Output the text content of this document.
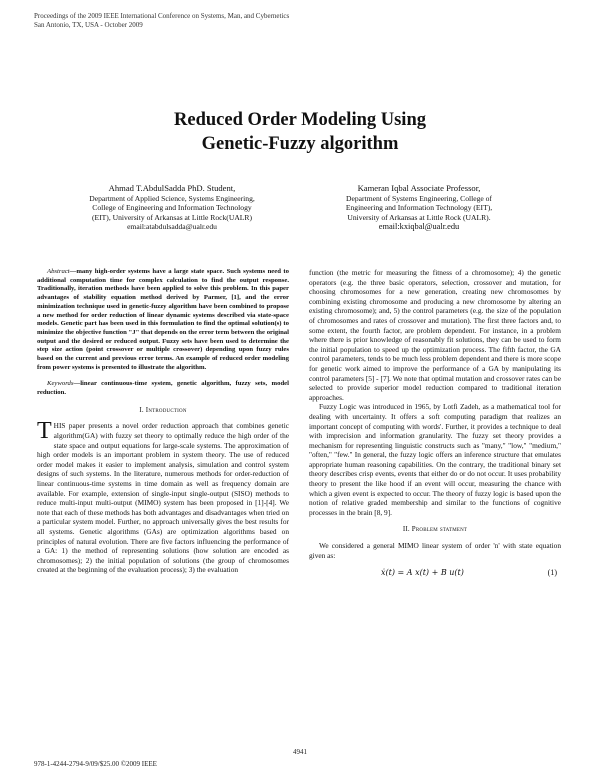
Proceedings of the 2009 IEEE International Conference on Systems, Man, and Cybernetics
San Antonio, TX, USA - October 2009
Reduced Order Modeling Using
Genetic-Fuzzy algorithm
Ahmad T.AbdulSadda PhD. Student,
Department of Applied Science, Systems Engineering,
College of Engineering and Information Technology
(EIT), University of Arkansas at Little Rock(UALR)
email:atabdulsadda@ualr.edu
Kameran Iqbal Associate Professor,
Department of Systems Engineering, College of
Engineering and Information Technology (EIT),
University of Arkansas at Little Rock (UALR).
email:kxiqbal@ualr.edu

Abstract—many high-order systems have a large state space. Such systems need to additional computation time for complex calculation to find the output response. Traditionally, iteration methods have been applied to solve this problem. In this paper advantages of stability equation method derived by Parmer, [1], and the error minimization technique used in genetic-fuzzy algorithm have been combined to propose a new method for order reduction of linear dynamic systems described via state-space models. Genetic part has been used in this formulation to find the optimal solution(s) to minimize the objective function "J" that depends on the error term between the original output and the desired or reduced output. Fuzzy sets have been used to determine the step size action (point crossover or multiple crossover) depending upon fuzzy rules based on the current and previous error terms. An example of reduced order modeling from power systems is presented to illustrate the algorithm.

Keywords—linear continuous-time system, genetic algorithm, fuzzy sets, model reduction.

I. Introduction

THIS paper presents a novel order reduction approach that combines genetic algorithm(GA) with fuzzy set theory to optimally reduce the high order of the state space and output equations for large-scale systems. The approximation of high order models is an important problem in system theory. The use of reduced order model makes it easier to implement analysis, simulation and control system designs of such systems. In the literature, numerous methods for order-reduction of linear continuous-time systems in time domain as well as frequency domain are available. For example, extension of single-input single-output (SISO) methods to reduce multi-input multi-output (MIMO) system has been proposed in [1]-[4]. We note that each of these methods has both advantages and disadvantages when tried on a particular system model. Further, no approach universally gives the best results for all systems. Genetic algorithms (GAs) are optimization algorithms based on principles of natural evolution. There are five factors influencing the performance of a GA: 1) the method of representing solutions (how solution are encoded as chromosomes); 2) the initial population of solutions (the group of chromosomes created at the beginning of the evaluation process); 3) the evaluation

function (the metric for measuring the fitness of a chromosome); 4) the genetic operators (e.g. the three basic operators, selection, crossover and mutation, for choosing chromosomes for a new generation, creating new chromosomes by combining existing chromosome and producing a new chromosome by altering an existing chromosome); and, 5) the control parameters (e.g. the size of the population of chromosomes and rates of crossover and mutation). The first three factors and, to some extent, the fourth factor, are problem dependent. For instance, in a problem where there is prior knowledge of reasonably fit solutions, they can be used to form the initial population to speed up the optimization process. The fifth factor, the GA control parameters, tends to be much less problem dependent and there is more scope for genetic work aimed to improve the performance of a GA by manipulating its control parameters [5] - [7]. We note that optimal mutation and crossover rates can be selected to provide superior model reduction compared to traditional iteration approaches.

Fuzzy Logic was introduced in 1965, by Lotfi Zadeh, as a mathematical tool for dealing with uncertainty. It offers a soft computing paradigm that realizes an important concept of computing with words'. Further, it provides a technique to deal with imprecision and information granularity. The fuzzy set theory provides a mechanism for representing linguistic constructs such as "many," "low," "medium," "often," "few." In general, the fuzzy logic offers an inference structure that emulates appropriate human reasoning capabilities. On the contrary, the traditional binary set theory describes crisp events, events that either do or do not occur. It uses probability theory to present the like hood if an event will occur, measuring the chance with which a given event is expected to occur. The theory of fuzzy logic is based upon the notion of relative graded membership and similar to the functions of cognitive processes in the brain [8, 9].

II. Problem statment

We considered a general MIMO linear system of order 'n' with state equation given as:

ẋ(t) = A x(t) + B u(t)	(1)
4941
978-1-4244-2794-9/09/$25.00 ©2009 IEEE
